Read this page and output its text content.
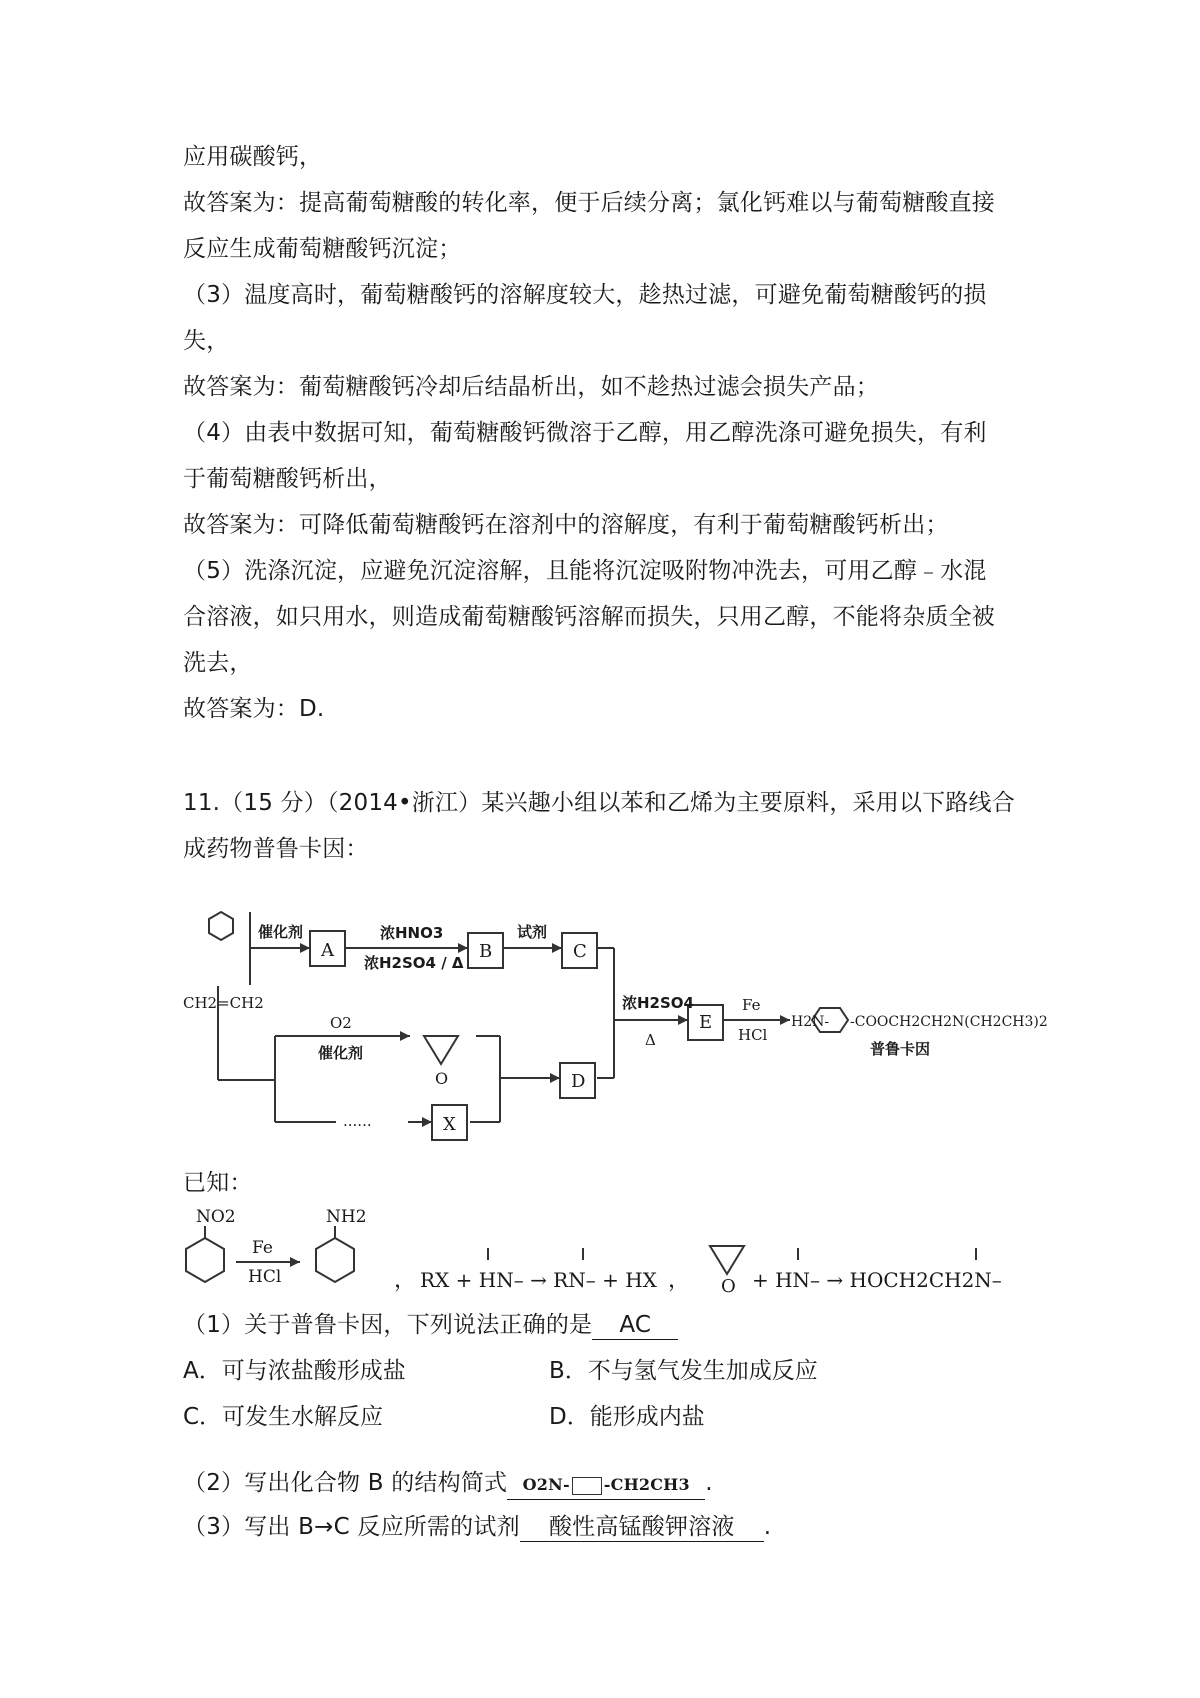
应用碳酸钙，
故答案为：提高葡萄糖酸的转化率，便于后续分离；氯化钙难以与葡萄糖酸直接
反应生成葡萄糖酸钙沉淀；
（3）温度高时，葡萄糖酸钙的溶解度较大，趁热过滤，可避免葡萄糖酸钙的损
失，
故答案为：葡萄糖酸钙冷却后结晶析出，如不趁热过滤会损失产品；
（4）由表中数据可知，葡萄糖酸钙微溶于乙醇，用乙醇洗涤可避免损失，有利
于葡萄糖酸钙析出，
故答案为：可降低葡萄糖酸钙在溶剂中的溶解度，有利于葡萄糖酸钙析出；
（5）洗涤沉淀，应避免沉淀溶解，且能将沉淀吸附物冲洗去，可用乙醇﹣水混
合溶液，如只用水，则造成葡萄糖酸钙溶解而损失，只用乙醇，不能将杂质全被
洗去，
故答案为：D.
11.（15 分）（2014•浙江）某兴趣小组以苯和乙烯为主要原料，采用以下路线合
成药物普鲁卡因：
CH2=CH2
催化剂
A
浓HNO3
浓H2SO4 / Δ
B
试剂
C
浓H2SO4
Δ
E
Fe
HCl
H2N- -COOCH2CH2N(CH2CH3)2
普鲁卡因
O2
催化剂
O
......
D
X
NO2	NH2
Fe
HCl	， RX + HN– → RN– + HX ， O + HN– → HOCH2CH2N–
已知：
（1）关于普鲁卡因，下列说法正确的是 AC
A．可与浓盐酸形成盐	B．不与氢气发生加成反应
C．可发生水解反应	D．能形成内盐
（2）写出化合物 B 的结构简式 O2N- -CH2CH3 .
（3）写出 B→C 反应所需的试剂 酸性高锰酸钾溶液 .
